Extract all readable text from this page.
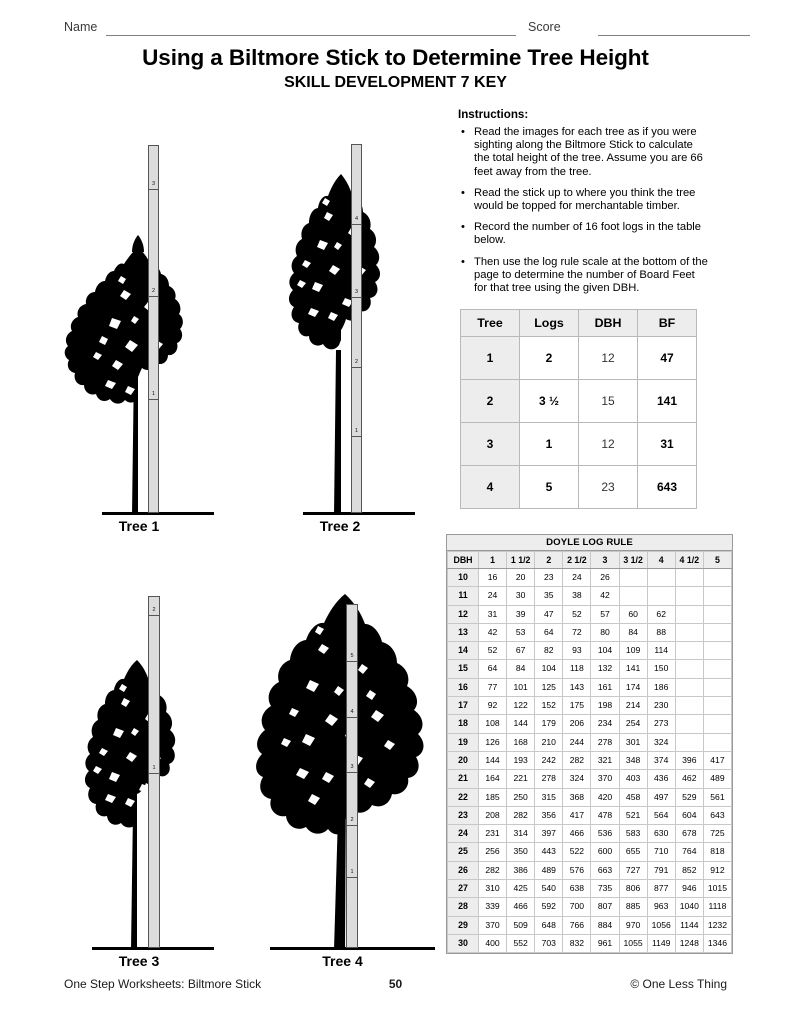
Name	Score
Using a Biltmore Stick to Determine Tree Height
SKILL DEVELOPMENT 7 KEY
Instructions:
• Read the images for each tree as if you were sighting along the Biltmore Stick to calculate the total height of the tree. Assume you are 66 feet away from the tree.
• Read the stick up to where you think the tree would be topped for merchantable timber.
• Record the number of 16 foot logs in the table below.
• Then use the log rule scale at the bottom of the page to determine the number of Board Feet for that tree using the given DBH.
Tree	Logs	DBH	BF
1	2	12	47
2	3 ½	15	141
3	1	12	31
4	5	23	643
DOYLE LOG RULE
DBH	1	1 1/2	2	2 1/2	3	3 1/2	4	4 1/2	5
10	16	20	23	24	26				
11	24	30	35	38	42				
12	31	39	47	52	57	60	62		
13	42	53	64	72	80	84	88		
14	52	67	82	93	104	109	114		
15	64	84	104	118	132	141	150		
16	77	101	125	143	161	174	186		
17	92	122	152	175	198	214	230		
18	108	144	179	206	234	254	273		
19	126	168	210	244	278	301	324		
20	144	193	242	282	321	348	374	396	417
21	164	221	278	324	370	403	436	462	489
22	185	250	315	368	420	458	497	529	561
23	208	282	356	417	478	521	564	604	643
24	231	314	397	466	536	583	630	678	725
25	256	350	443	522	600	655	710	764	818
26	282	386	489	576	663	727	791	852	912
27	310	425	540	638	735	806	877	946	1015
28	339	466	592	700	807	885	963	1040	1118
29	370	509	648	766	884	970	1056	1144	1232
30	400	552	703	832	961	1055	1149	1248	1346
3
2
1
Tree 1
4
3
2
1
Tree 2
2
1
Tree 3
5
4
3
2
1
Tree 4
One Step Worksheets: Biltmore Stick	50	© One Less Thing
